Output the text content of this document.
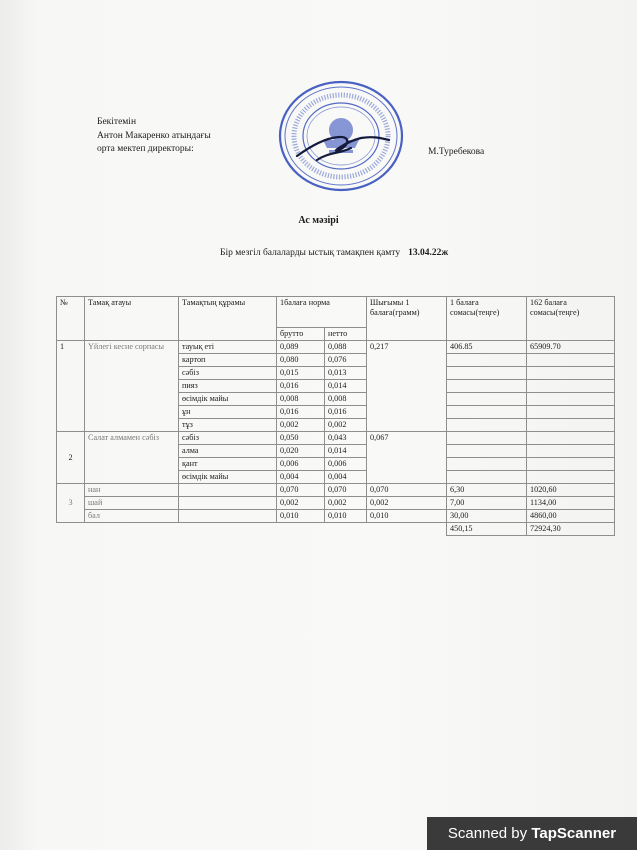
Бекітемін
Антон Макаренко атындағы
орта мектеп директоры:	М.Туребекова
Ас мәзірі
Бір мезгіл балаларды ыстық тамақпен қамту 13.04.22ж
№	Тамақ атауы	Тамақтың құрамы	1балаға норма		Шығымы 1 балаға(грамм)	1 балаға сомасы(теңге)	162 балаға сомасы(теңге)
			брутто	нетто			
1	Үйлегі кесне сорпасы	тауық еті	0,089	0,088	0,217	406.85	65909.70
		картоп	0,080	0,076			
		сәбіз	0,015	0,013			
		пияз	0,016	0,014			
		өсімдік майы	0,008	0,008			
		ұн	0,016	0,016			
		тұз	0,002	0,002			
2	Салат алмамен сәбіз	сәбіз	0,050	0,043	0,067		
		алма	0,020	0,014			
		қант	0,006	0,006			
		өсімдік майы	0,004	0,004			
3	нан		0,070	0,070	0,070	6,30	1020,60
	шай		0,002	0,002	0,002	7,00	1134,00
	бал		0,010	0,010	0,010	30,00	4860,00
						450,15	72924,30
Scanned by TapScanner
